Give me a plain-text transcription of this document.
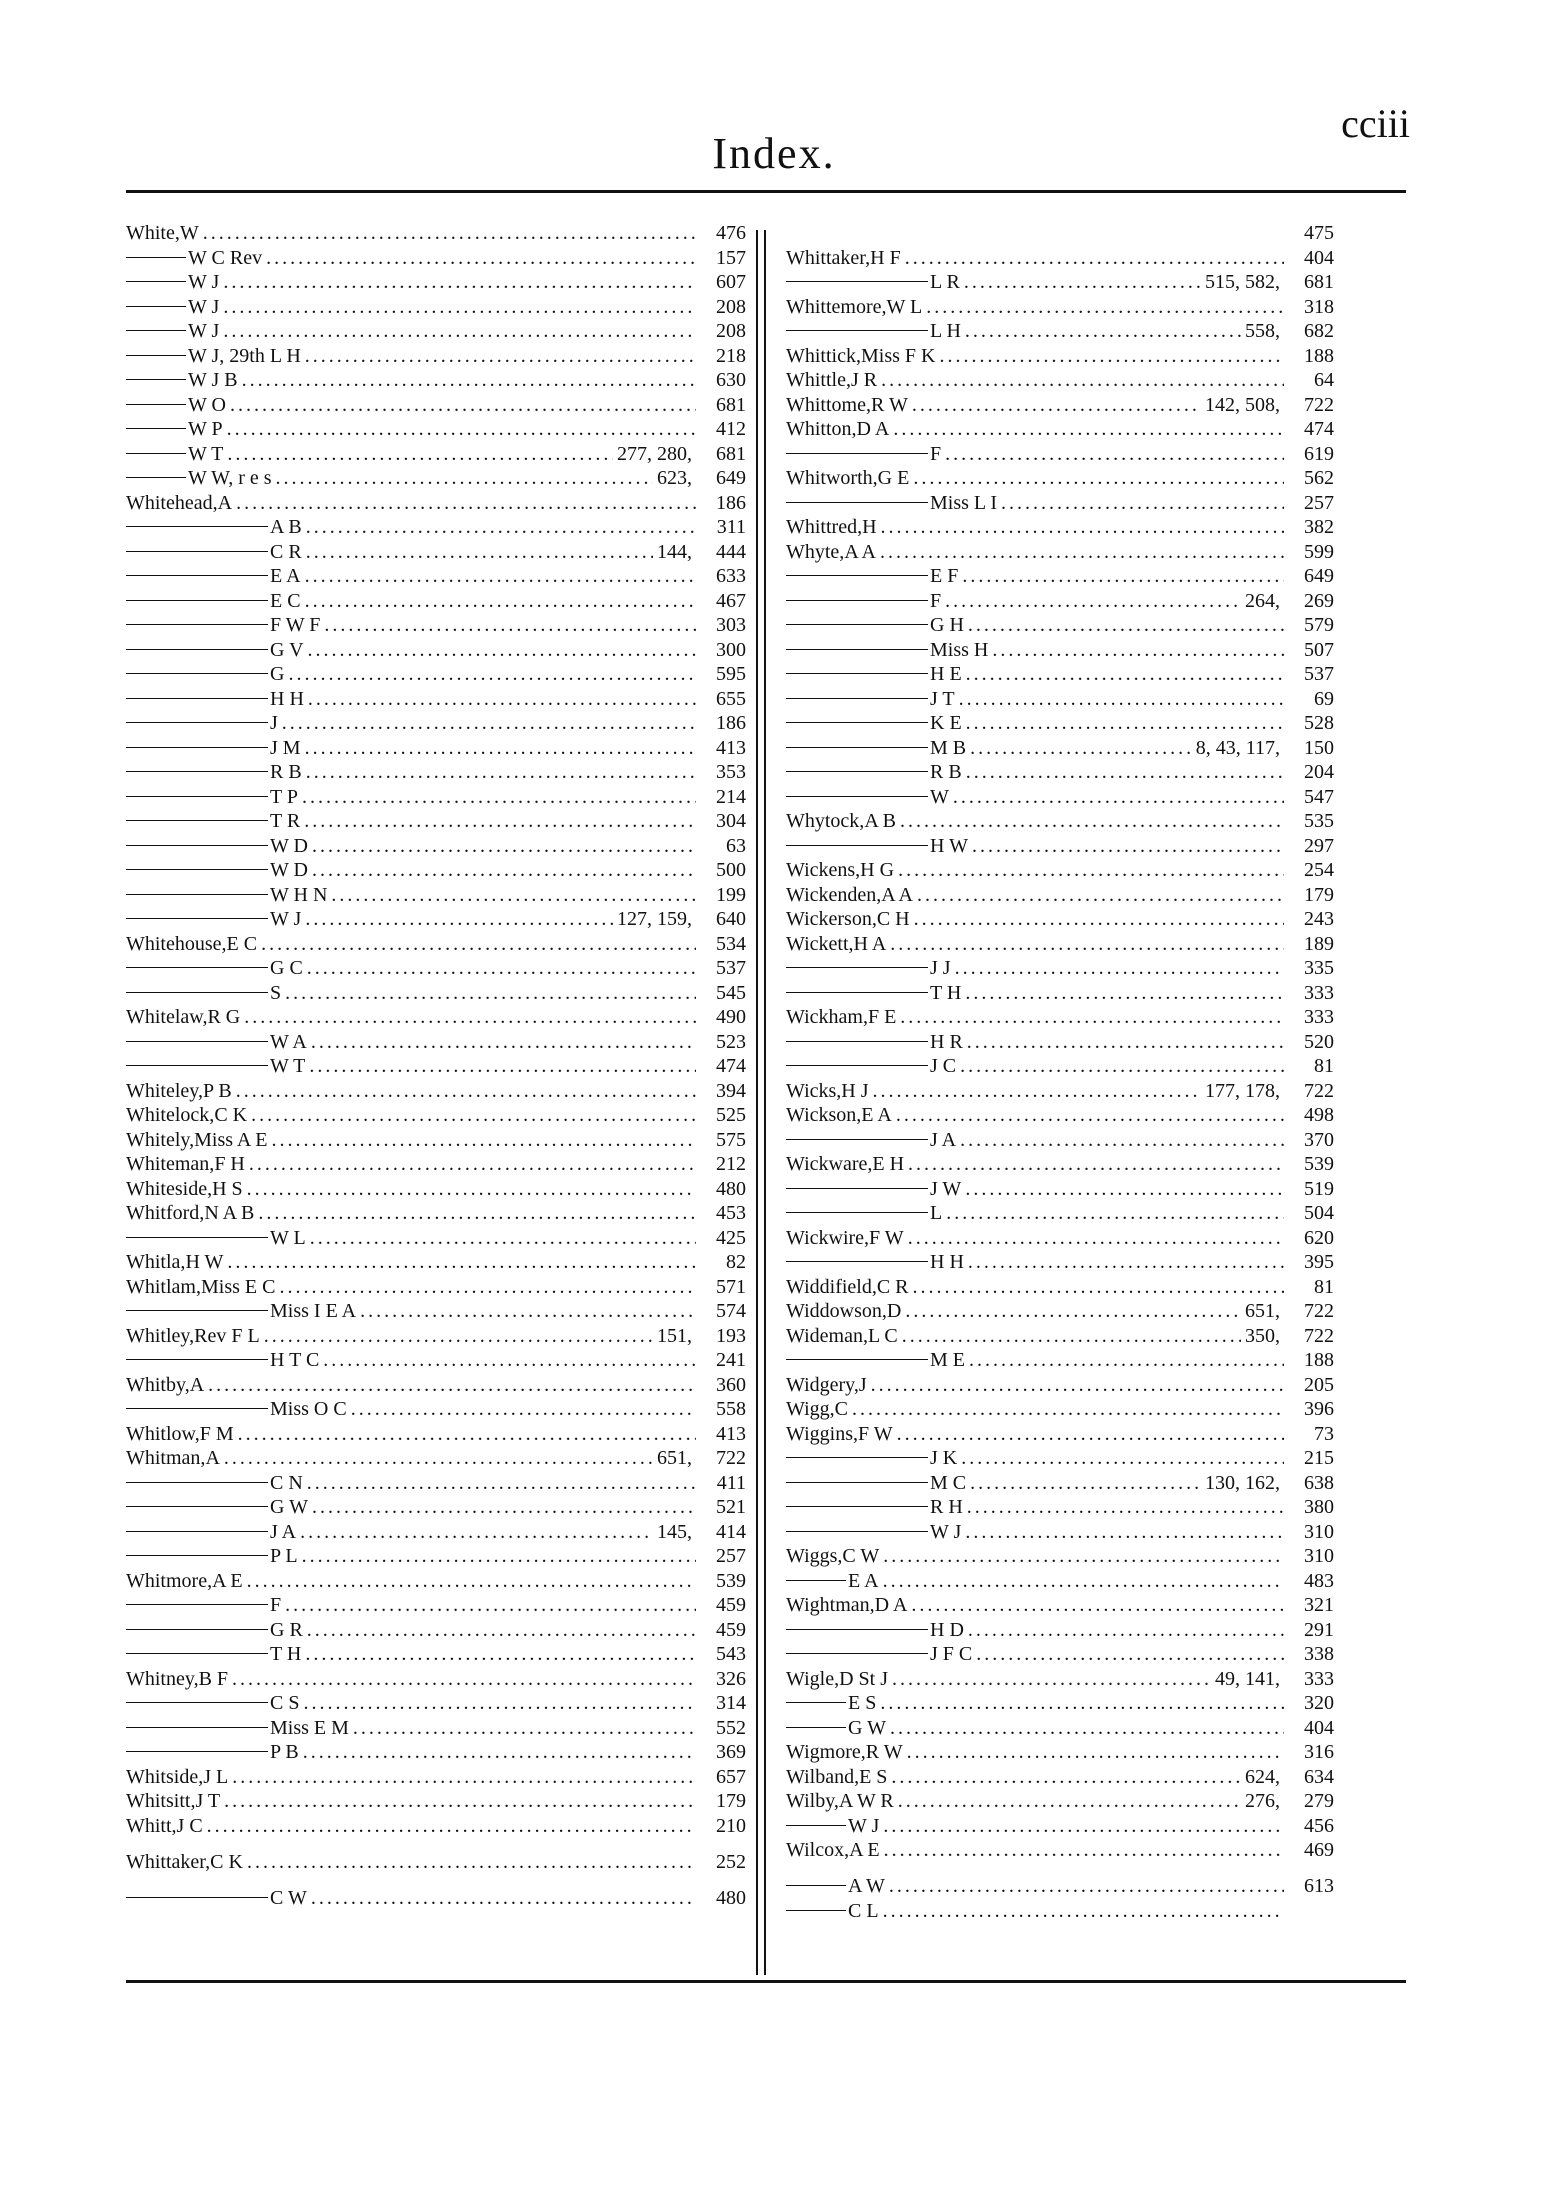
Index.
cciii
White, W .....	476
W C Rev .....	157
W J .....	607
W J .....	208
W J .....	208
W J, 29th L H .....	218
W J B .....	630
W O .....	681
W P .....	412
W T .....	277, 280,	681
W W, r e s .....	623,	649
Whitehead, A .....	186
A B .....	311
C R .....	144,	444
E A .....	633
E C .....	467
F W F .....	303
G V .....	300
G .....	595
H H .....	655
J .....	186
J M .....	413
R B .....	353
T P .....	214
T R .....	304
W D .....	63
W D .....	500
W H N .....	199
W J .....	127, 159,	640
Whitehouse, E C .....	534
G C .....	537
S .....	545
Whitelaw, R G .....	490
W A .....	523
W T .....	474
Whiteley, P B .....	394
Whitelock, C K .....	525
Whitely, Miss A E .....	575
Whiteman, F H .....	212
Whiteside, H S .....	480
Whitford, N A B .....	453
W L .....	425
Whitla, H W .....	82
Whitlam, Miss E C .....	571
Miss I E A .....	574
Whitley, Rev F L .....	151,	193
H T C .....	241
Whitby, A .....	360
Miss O C .....	558
Whitlow, F M .....	413
Whitman, A .....	651,	722
C N .....	411
G W .....	521
J A .....	145,	414
P L .....	257
Whitmore, A E .....	539
F .....	459
G R .....	459
T H .....	543
Whitney, B F .....	326
C S .....	314
Miss E M .....	552
P B .....	369
Whitside, J L .....	657
Whitsitt, J T .....	179
Whitt, J C .....	210
Whittaker, C K .....	252
C W .....	480
475
Whittaker, H F .....	404
L R .....	515, 582,	681
Whittemore, W L .....	318
L H .....	558,	682
Whittick, Miss F K .....	188
Whittle, J R .....	64
Whittome, R W .....	142, 508,	722
Whitton, D A .....	474
F .....	619
Whitworth, G E .....	562
Miss L I .....	257
Whittred, H .....	382
Whyte, A A .....	599
E F .....	649
F .....	264,	269
G H .....	579
Miss H .....	507
H E .....	537
J T .....	69
K E .....	528
M B .....	8, 43, 117,	150
R B .....	204
W .....	547
Whytock, A B .....	535
H W .....	297
Wickens, H G .....	254
Wickenden, A A .....	179
Wickerson, C H .....	243
Wickett, H A .....	189
J J .....	335
T H .....	333
Wickham, F E .....	333
H R .....	520
J C .....	81
Wicks, H J .....	177, 178,	722
Wickson, E A .....	498
J A .....	370
Wickware, E H .....	539
J W .....	519
L .....	504
Wickwire, F W .....	620
H H .....	395
Widdifield, C R .....	81
Widdowson, D .....	651,	722
Wideman, L C .....	350,	722
M E .....	188
Widgery, J .....	205
Wigg, C .....	396
Wiggins, F W .....	73
J K .....	215
M C .....	130, 162,	638
R H .....	380
W J .....	310
Wiggs, C W .....	310
E A .....	483
Wightman, D A .....	321
H D .....	291
J F C .....	338
Wigle, D St J .....	49, 141,	333
E S .....	320
G W .....	404
Wigmore, R W .....	316
Wilband, E S .....	624,	634
Wilby, A W R .....	276,	279
W J .....	456
Wilcox, A E .....	469
A W .....	613
C L
.....
